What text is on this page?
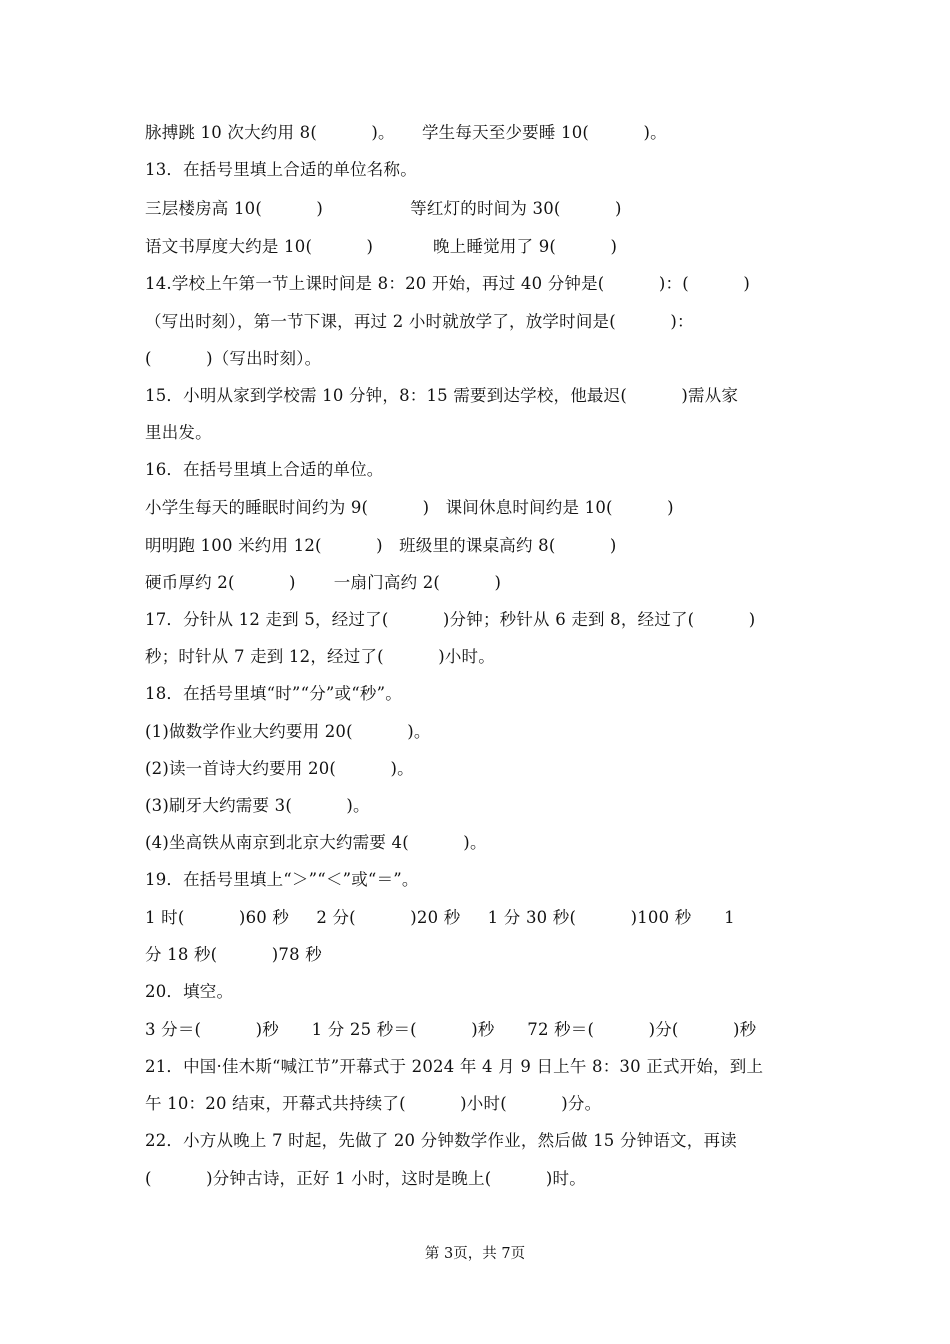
脉搏跳 10 次大约用 8(          )。     学生每天至少要睡 10(          )。
13．在括号里填上合适的单位名称。
三层楼房高 10(          )                等红灯的时间为 30(          )
语文书厚度大约是 10(          )           晚上睡觉用了 9(          )
14.学校上午第一节上课时间是 8：20 开始，再过 40 分钟是(          )：(          )
（写出时刻），第一节下课，再过 2 小时就放学了，放学时间是(          )：
(          )（写出时刻）。
15．小明从家到学校需 10 分钟，8：15 需要到达学校，他最迟(          )需从家
里出发。
16．在括号里填上合适的单位。
小学生每天的睡眠时间约为 9(          )   课间休息时间约是 10(          )
明明跑 100 米约用 12(          )   班级里的课桌高约 8(          )
硬币厚约 2(          )       一扇门高约 2(          )
17．分针从 12 走到 5，经过了(          )分钟；秒针从 6 走到 8，经过了(          )
秒；时针从 7 走到 12，经过了(          )小时。
18．在括号里填“时”“分”或“秒”。
(1)做数学作业大约要用 20(          )。
(2)读一首诗大约要用 20(          )。
(3)刷牙大约需要 3(          )。
(4)坐高铁从南京到北京大约需要 4(          )。
19．在括号里填上“＞”“＜”或“＝”。
1 时(          )60 秒     2 分(          )20 秒     1 分 30 秒(          )100 秒      1
分 18 秒(          )78 秒
20．填空。
3 分＝(          )秒      1 分 25 秒＝(          )秒      72 秒＝(          )分(          )秒
21．中国·佳木斯“喊江节”开幕式于 2024 年 4 月 9 日上午 8：30 正式开始，到上
午 10：20 结束，开幕式共持续了(          )小时(          )分。
22．小方从晚上 7 时起，先做了 20 分钟数学作业，然后做 15 分钟语文，再读
(          )分钟古诗，正好 1 小时，这时是晚上(          )时。
第 3页，共 7页
